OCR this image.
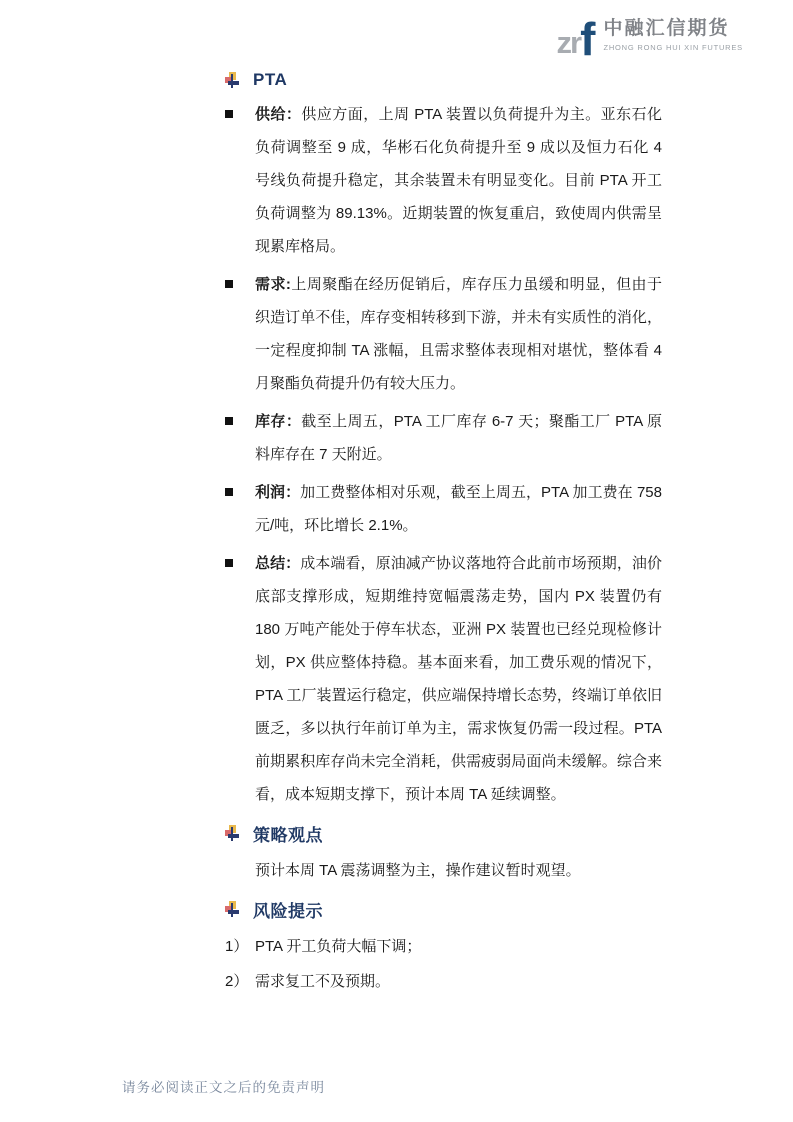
zr f 中融汇信期货
ZHONG RONG HUI XIN FUTURES
PTA
供给：供应方面，上周 PTA 装置以负荷提升为主。亚东石化负荷调整至 9 成，华彬石化负荷提升至 9 成以及恒力石化 4 号线负荷提升稳定，其余装置未有明显变化。目前 PTA 开工负荷调整为 89.13%。近期装置的恢复重启，致使周内供需呈现累库格局。
需求:上周聚酯在经历促销后，库存压力虽缓和明显，但由于织造订单不佳，库存变相转移到下游，并未有实质性的消化，一定程度抑制 TA 涨幅，且需求整体表现相对堪忧，整体看 4 月聚酯负荷提升仍有较大压力。
库存：截至上周五，PTA 工厂库存 6-7 天；聚酯工厂 PTA 原料库存在 7 天附近。
利润：加工费整体相对乐观，截至上周五，PTA 加工费在 758 元/吨，环比增长 2.1%。
总结：成本端看，原油减产协议落地符合此前市场预期，油价底部支撑形成，短期维持宽幅震荡走势，国内 PX 装置仍有 180 万吨产能处于停车状态，亚洲 PX 装置也已经兑现检修计划，PX 供应整体持稳。基本面来看，加工费乐观的情况下，PTA 工厂装置运行稳定，供应端保持增长态势，终端订单依旧匮乏，多以执行年前订单为主，需求恢复仍需一段过程。PTA 前期累积库存尚未完全消耗，供需疲弱局面尚未缓解。综合来看，成本短期支撑下，预计本周 TA 延续调整。
策略观点

预计本周 TA 震荡调整为主，操作建议暂时观望。

风险提示
1） PTA 开工负荷大幅下调；
2） 需求复工不及预期。
请务必阅读正文之后的免责声明
